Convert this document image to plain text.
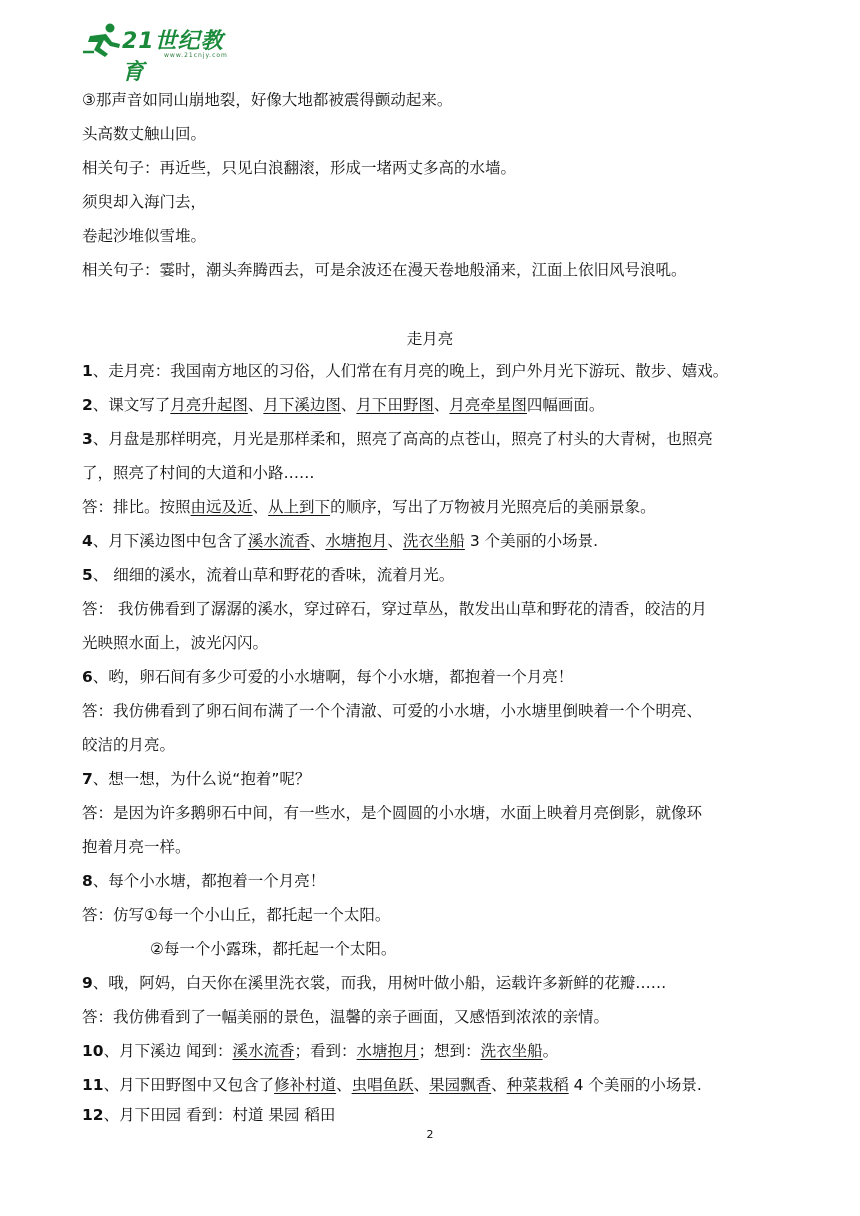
21世纪教育
www.21cnjy.com
③那声音如同山崩地裂，好像大地都被震得颤动起来。
头高数丈触山回。
相关句子：再近些，只见白浪翻滚，形成一堵两丈多高的水墙。
须臾却入海门去，
卷起沙堆似雪堆。
相关句子：霎时，潮头奔腾西去，可是余波还在漫天卷地般涌来，江面上依旧风号浪吼。
走月亮
1、走月亮：我国南方地区的习俗，人们常在有月亮的晚上，到户外月光下游玩、散步、嬉戏。
2、课文写了月亮升起图、月下溪边图、月下田野图、月亮牵星图四幅画面。
3、月盘是那样明亮，月光是那样柔和，照亮了高高的点苍山，照亮了村头的大青树，也照亮
了，照亮了村间的大道和小路……
答：排比。按照由远及近、从上到下的顺序，写出了万物被月光照亮后的美丽景象。
4、月下溪边图中包含了溪水流香、水塘抱月、洗衣坐船 3 个美丽的小场景.
5、 细细的溪水，流着山草和野花的香味，流着月光。
答： 我仿佛看到了潺潺的溪水，穿过碎石，穿过草丛，散发出山草和野花的清香，皎洁的月
光映照水面上，波光闪闪。
6、哟，卵石间有多少可爱的小水塘啊，每个小水塘，都抱着一个月亮！
答：我仿佛看到了卵石间布满了一个个清澈、可爱的小水塘，小水塘里倒映着一个个明亮、
皎洁的月亮。
7、想一想，为什么说“抱着”呢？
答：是因为许多鹅卵石中间，有一些水，是个圆圆的小水塘，水面上映着月亮倒影，就像环
抱着月亮一样。
8、每个小水塘，都抱着一个月亮！
答：仿写①每一个小山丘，都托起一个太阳。
②每一个小露珠，都托起一个太阳。
9、哦，阿妈，白天你在溪里洗衣裳，而我，用树叶做小船，运载许多新鲜的花瓣……
答：我仿佛看到了一幅美丽的景色，温馨的亲子画面，又感悟到浓浓的亲情。
10、月下溪边 闻到：溪水流香；看到：水塘抱月；想到：洗衣坐船。
11、月下田野图中又包含了修补村道、虫唱鱼跃、果园飘香、种菜栽稻 4 个美丽的小场景.
12、月下田园 看到：村道 果园 稻田
2
